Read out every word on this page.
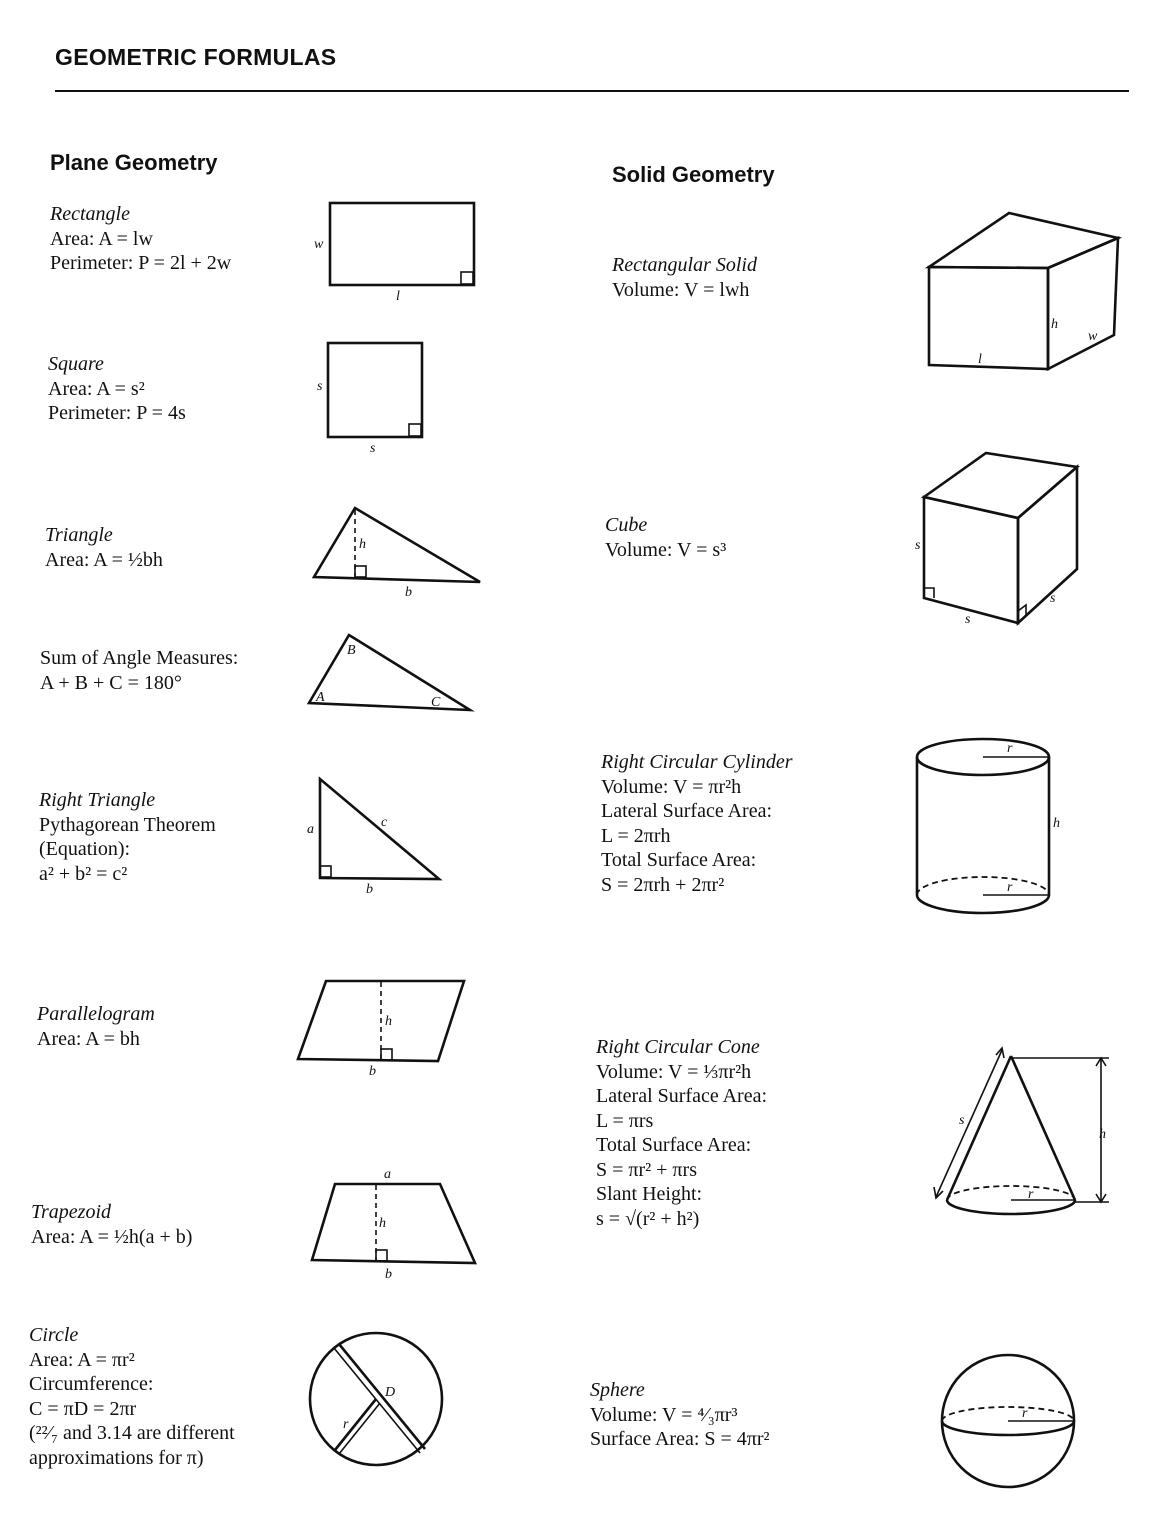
GEOMETRIC FORMULAS
Plane Geometry	Solid Geometry
Rectangle
Area: A = lw
Perimeter: P = 2l + 2w
w
l
Square
Area: A = s²
Perimeter: P = 4s
s
s
Triangle
Area: A = ½bh
h
b
Sum of Angle Measures:
A + B + C = 180°
B
A	C
Right Triangle
Pythagorean Theorem
(Equation):
a² + b² = c²
a	c
b
Parallelogram
Area: A = bh
h
b
Trapezoid
Area: A = ½h(a + b)
a
h
b
Circle
Area: A = πr²
Circumference:
C = πD = 2πr
(²²⁄₇ and 3.14 are different
approximations for π)
D
r
Rectangular Solid
Volume: V = lwh
h
w
l
Cube
Volume: V = s³	s
s
s
Right Circular Cylinder
Volume: V = πr²h
Lateral Surface Area:
L = 2πrh
Total Surface Area:
S = 2πrh + 2πr²
r
r
h
Right Circular Cone
Volume: V = ⅓πr²h
Lateral Surface Area:
L = πrs
Total Surface Area:
S = πr² + πrs
Slant Height:
s = √(r² + h²)
s
h
r
Sphere
Volume: V = ⁴⁄₃πr³
Surface Area: S = 4πr²
r
